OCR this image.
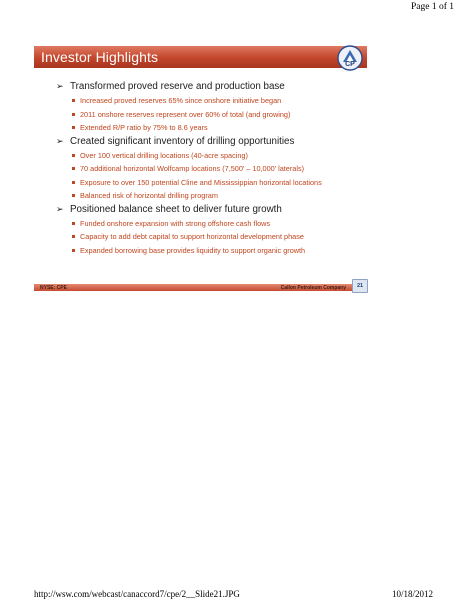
Page 1 of 1
Investor Highlights	CP
➢ Transformed proved reserve and production base
Increased proved reserves 65% since onshore initiative began
2011 onshore reserves represent over 60% of total (and growing)
Extended R/P ratio by 75% to 8.6 years
➢ Created significant inventory of drilling opportunities
Over 100 vertical drilling locations (40-acre spacing)
70 additional horizontal Wolfcamp locations (7,500’ – 10,000’ laterals)
Exposure to over 150 potential Cline and Mississippian horizontal locations
Balanced risk of horizontal drilling program
➢ Positioned balance sheet to deliver future growth
Funded onshore expansion with strong offshore cash flows
Capacity to add debt capital to support horizontal development phase
Expanded borrowing base provides liquidity to support organic growth
NYSE: CPE	Callon Petroleum Company	21
http://wsw.com/webcast/canaccord7/cpe/2__Slide21.JPG	10/18/2012
